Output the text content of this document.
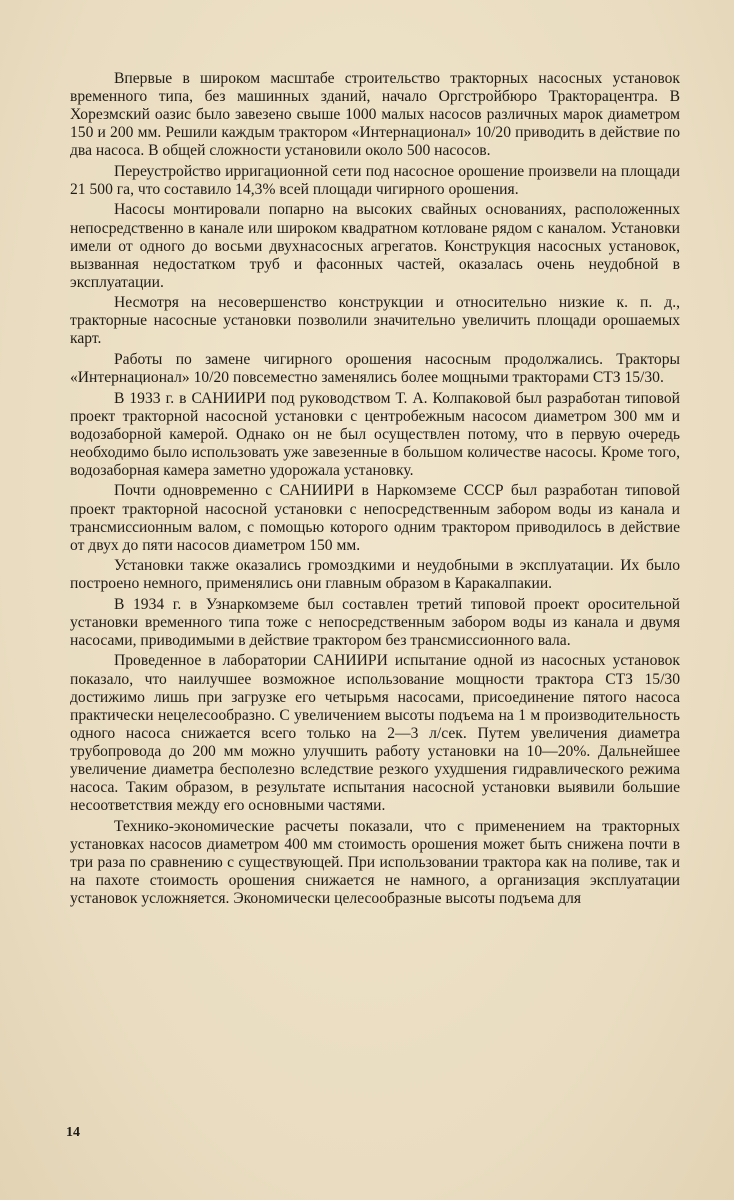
Впервые в широком масштабе строительство тракторных насосных установок временного типа, без машинных зданий, начало Оргстройбюро Тракторацентра. В Хорезмский оазис было завезено свыше 1000 малых насосов различных марок диаметром 150 и 200 мм. Решили каждым трактором «Интернационал» 10/20 приводить в действие по два насоса. В общей сложности установили около 500 насосов.

Переустройство ирригационной сети под насосное орошение произвели на площади 21 500 га, что составило 14,3% всей площади чигирного орошения.

Насосы монтировали попарно на высоких свайных основаниях, расположенных непосредственно в канале или широком квадратном котловане рядом с каналом. Установки имели от одного до восьми двухнасосных агрегатов. Конструкция насосных установок, вызванная недостатком труб и фасонных частей, оказалась очень неудобной в эксплуатации.

Несмотря на несовершенство конструкции и относительно низкие к. п. д., тракторные насосные установки позволили значительно увеличить площади орошаемых карт.

Работы по замене чигирного орошения насосным продолжались. Тракторы «Интернационал» 10/20 повсеместно заменялись более мощными тракторами СТЗ 15/30.

В 1933 г. в САНИИРИ под руководством Т. А. Колпаковой был разработан типовой проект тракторной насосной установки с центробежным насосом диаметром 300 мм и водозаборной камерой. Однако он не был осуществлен потому, что в первую очередь необходимо было использовать уже завезенные в большом количестве насосы. Кроме того, водозаборная камера заметно удорожала установку.

Почти одновременно с САНИИРИ в Наркомземе СССР был разработан типовой проект тракторной насосной установки с непосредственным забором воды из канала и трансмиссионным валом, с помощью которого одним трактором приводилось в действие от двух до пяти насосов диаметром 150 мм.

Установки также оказались громоздкими и неудобными в эксплуатации. Их было построено немного, применялись они главным образом в Каракалпакии.

В 1934 г. в Узнаркомземе был составлен третий типовой проект оросительной установки временного типа тоже с непосредственным забором воды из канала и двумя насосами, приводимыми в действие трактором без трансмиссионного вала.

Проведенное в лаборатории САНИИРИ испытание одной из насосных установок показало, что наилучшее возможное использование мощности трактора СТЗ 15/30 достижимо лишь при загрузке его четырьмя насосами, присоединение пятого насоса практически нецелесообразно. С увеличением высоты подъема на 1 м производительность одного насоса снижается всего только на 2—3 л/сек. Путем увеличения диаметра трубопровода до 200 мм можно улучшить работу установки на 10—20%. Дальнейшее увеличение диаметра бесполезно вследствие резкого ухудшения гидравлического режима насоса. Таким образом, в результате испытания насосной установки выявили большие несоответствия между его основными частями.

Технико-экономические расчеты показали, что с применением на тракторных установках насосов диаметром 400 мм стоимость орошения может быть снижена почти в три раза по сравнению с существующей. При использовании трактора как на поливе, так и на пахоте стоимость орошения снижается не намного, а организация эксплуатации установок усложняется. Экономически целесообразные высоты подъема для

14
